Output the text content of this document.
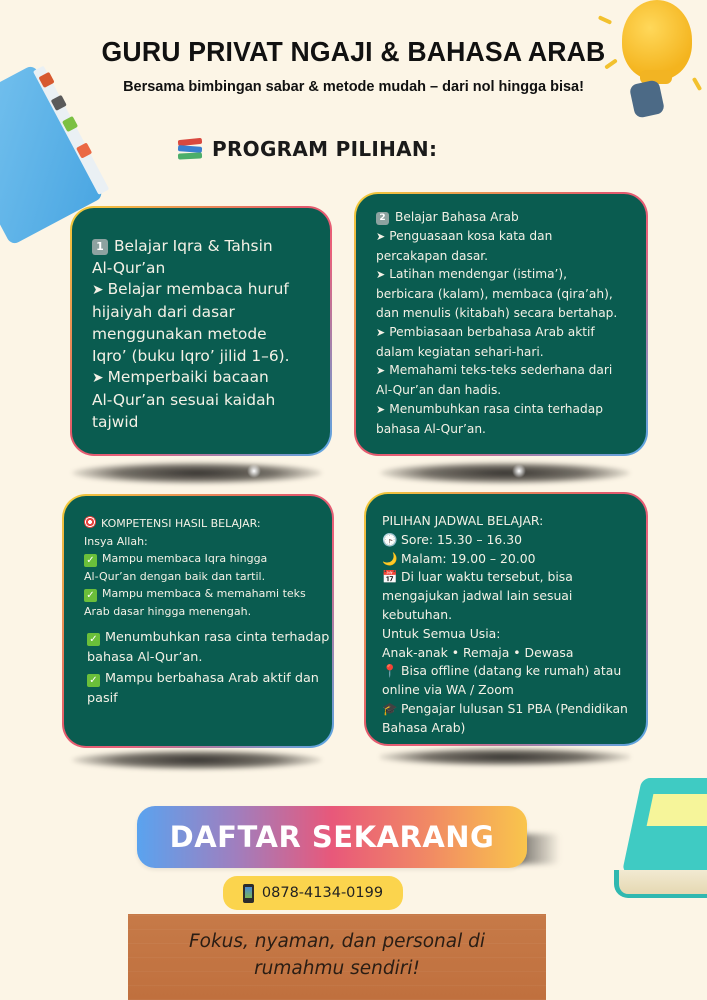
GURU PRIVAT NGAJI & BAHASA ARAB

Bersama bimbingan sabar & metode mudah – dari nol hingga bisa!

PROGRAM PILIHAN:
1 Belajar Iqra & Tahsin
Al-Qur’an
➤ Belajar membaca huruf
hijaiyah dari dasar
menggunakan metode
Iqro’ (buku Iqro’ jilid 1–6).
➤ Memperbaiki bacaan
Al-Qur’an sesuai kaidah
tajwid
2 Belajar Bahasa Arab
➤ Penguasaan kosa kata dan
percakapan dasar.
➤ Latihan mendengar (istima’),
berbicara (kalam), membaca (qira’ah),
dan menulis (kitabah) secara bertahap.
➤ Pembiasaan berbahasa Arab aktif
dalam kegiatan sehari-hari.
➤ Memahami teks-teks sederhana dari
Al-Qur’an dan hadis.
➤ Menumbuhkan rasa cinta terhadap
bahasa Al-Qur’an.
KOMPETENSI HASIL BELAJAR:
Insya Allah:
✓ Mampu membaca Iqra hingga
Al-Qur’an dengan baik dan tartil.
✓ Mampu membaca & memahami teks
Arab dasar hingga menengah.
✓ Menumbuhkan rasa cinta terhadap
bahasa Al-Qur’an.
✓ Mampu berbahasa Arab aktif dan
pasif
PILIHAN JADWAL BELAJAR:
🕞 Sore: 15.30 – 16.30
🌙 Malam: 19.00 – 20.00
📅 Di luar waktu tersebut, bisa
mengajukan jadwal lain sesuai
kebutuhan.
Untuk Semua Usia:
Anak-anak • Remaja • Dewasa
📍 Bisa offline (datang ke rumah) atau
online via WA / Zoom
🎓 Pengajar lulusan S1 PBA (Pendidikan
Bahasa Arab)
DAFTAR SEKARANG
0878-4134-0199

Fokus, nyaman, dan personal di
rumahmu sendiri!
